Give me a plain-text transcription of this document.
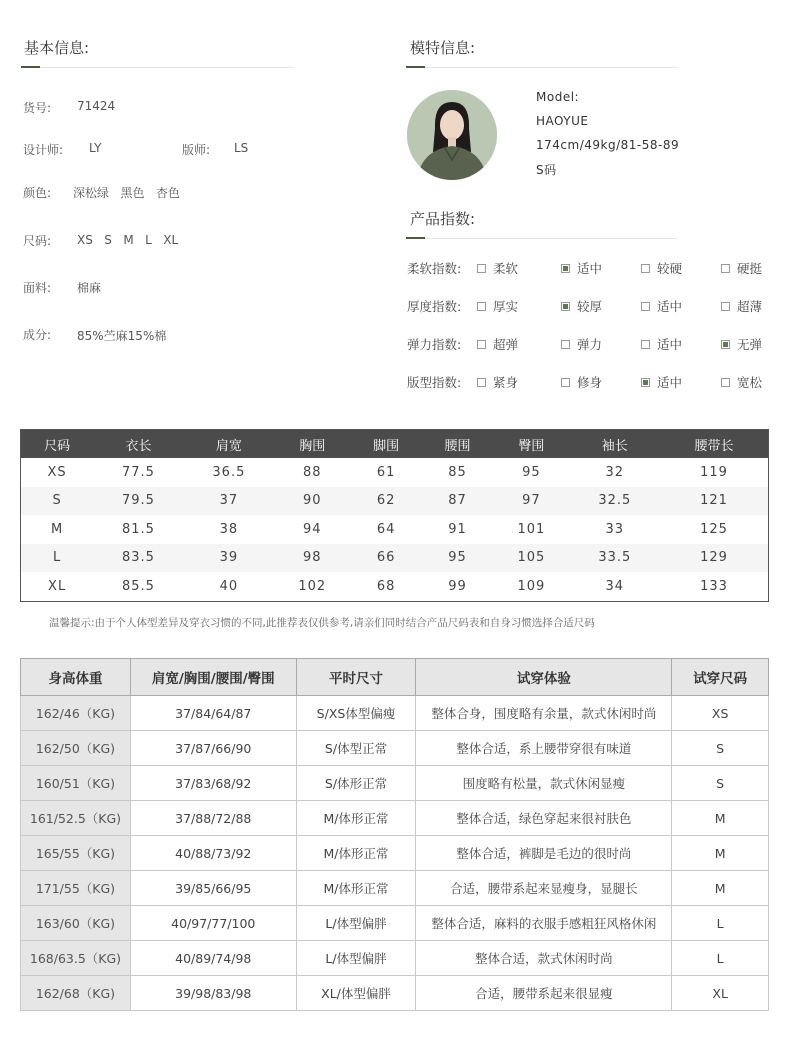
基本信息:
货号: 71424
设计师: LY	版师: LS
颜色: 深松绿   黑色   杏色
尺码: XS   S   M   L   XL
面料: 棉麻
成分: 85%苎麻15%棉
模特信息:
Model:
HAOYUE
174cm/49kg/81-58-89
S码
产品指数:
柔软指数:	柔软	适中	较硬	硬挺
厚度指数:	厚实	较厚	适中	超薄
弹力指数:	超弹	弹力	适中	无弹
版型指数:	紧身	修身	适中	宽松
尺码	衣长	肩宽	胸围	脚围	腰围	臀围	袖长	腰带长
XS	77.5	36.5	88	61	85	95	32	119
S	79.5	37	90	62	87	97	32.5	121
M	81.5	38	94	64	91	101	33	125
L	83.5	39	98	66	95	105	33.5	129
XL	85.5	40	102	68	99	109	34	133
温馨提示:由于个人体型差异及穿衣习惯的不同,此推荐表仅供参考,请亲们同时结合产品尺码表和自身习惯选择合适尺码
身高体重	肩宽/胸围/腰围/臀围	平时尺寸	试穿体验	试穿尺码
162/46（KG)	37/84/64/87	S/XS体型偏瘦	整体合身，围度略有余量，款式休闲时尚	XS
162/50（KG)	37/87/66/90	S/体型正常	整体合适，系上腰带穿很有味道	S
160/51（KG)	37/83/68/92	S/体形正常	围度略有松量，款式休闲显瘦	S
161/52.5（KG)	37/88/72/88	M/体形正常	整体合适，绿色穿起来很衬肤色	M
165/55（KG)	40/88/73/92	M/体形正常	整体合适，裤脚是毛边的很时尚	M
171/55（KG)	39/85/66/95	M/体形正常	合适，腰带系起来显瘦身，显腿长	M
163/60（KG)	40/97/77/100	L/体型偏胖	整体合适，麻料的衣服手感粗狂风格休闲	L
168/63.5（KG)	40/89/74/98	L/体型偏胖	整体合适，款式休闲时尚	L
162/68（KG)	39/98/83/98	XL/体型偏胖	合适，腰带系起来很显瘦	XL
